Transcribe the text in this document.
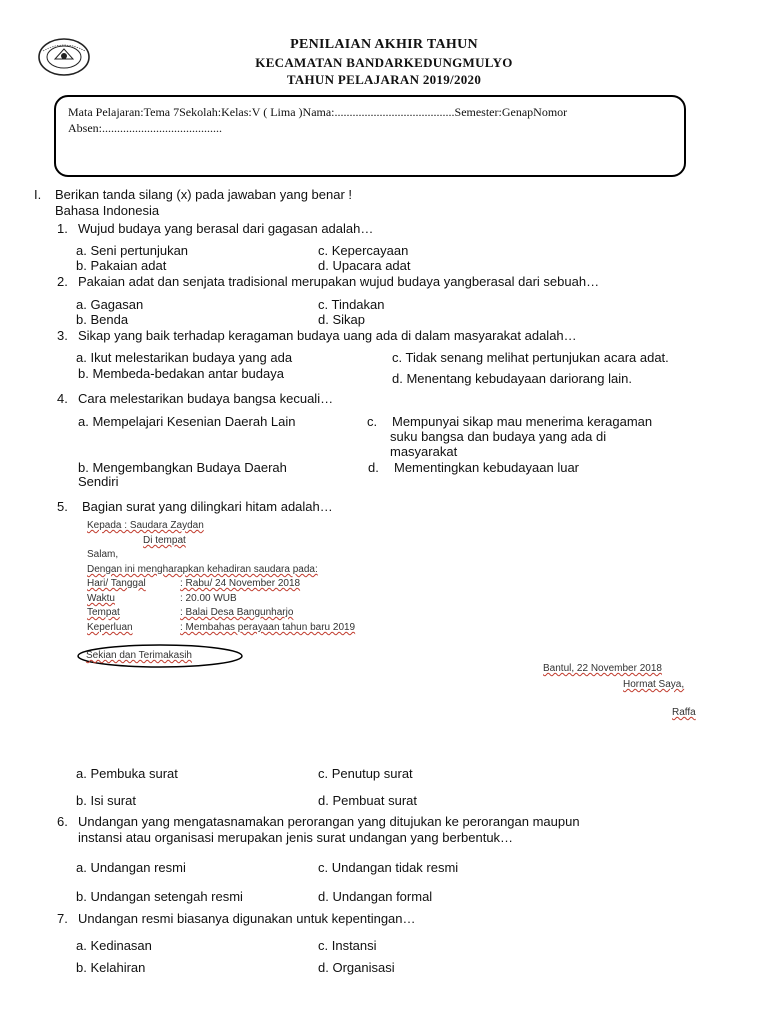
PENILAIAN AKHIR TAHUN
KECAMATAN BANDARKEDUNGMULYO
TAHUN PELAJARAN 2019/2020
Mata Pelajaran:Tema 7Sekolah:Kelas:V ( Lima )Nama:........................................Semester:GenapNomor Absen:........................................
I. Berikan tanda silang (x) pada jawaban yang benar !
Bahasa Indonesia
1. Wujud budaya yang berasal dari gagasan adalah…
a. Seni pertunjukan
b. Pakaian adat
c. Kepercayaan
d. Upacara adat
2. Pakaian adat dan senjata tradisional merupakan wujud budaya yangberasal dari sebuah…
a. Gagasan
b. Benda
c. Tindakan
d. Sikap
3. Sikap yang baik terhadap keragaman budaya uang ada di dalam masyarakat adalah…
a. Ikut melestarikan budaya yang ada
b. Membeda-bedakan antar budaya
c. Tidak senang melihat pertunjukan acara adat.
d. Menentang kebudayaan dariorang lain.
4. Cara melestarikan budaya bangsa kecuali…
a. Mempelajari Kesenian Daerah Lain
b. Mengembangkan Budaya Daerah
Sendiri
c. Mempunyai sikap mau menerima keragaman
suku bangsa dan budaya yang ada di
masyarakat
d. Mementingkan kebudayaan luar
5. Bagian surat yang dilingkari hitam adalah…
Kepada : Saudara Zaydan
Di tempat
Salam,
Dengan ini mengharapkan kehadiran saudara pada:
Hari/ Tanggal	: Rabu/ 24 November 2018
Waktu	: 20.00 WUB
Tempat	: Balai Desa Bangunharjo
Keperluan	: Membahas perayaan tahun baru 2019
Sekian dan Terimakasih
Bantul, 22 November 2018
Hormat Saya,
Raffa
a. Pembuka surat
b. Isi surat
c. Penutup surat
d. Pembuat surat
6. Undangan yang mengatasnamakan perorangan yang ditujukan ke perorangan maupun
instansi atau organisasi merupakan jenis surat undangan yang berbentuk…
a. Undangan resmi
b. Undangan setengah resmi
c. Undangan tidak resmi
d. Undangan formal
7. Undangan resmi biasanya digunakan untuk kepentingan…
a. Kedinasan
b. Kelahiran
c. Instansi
d. Organisasi
